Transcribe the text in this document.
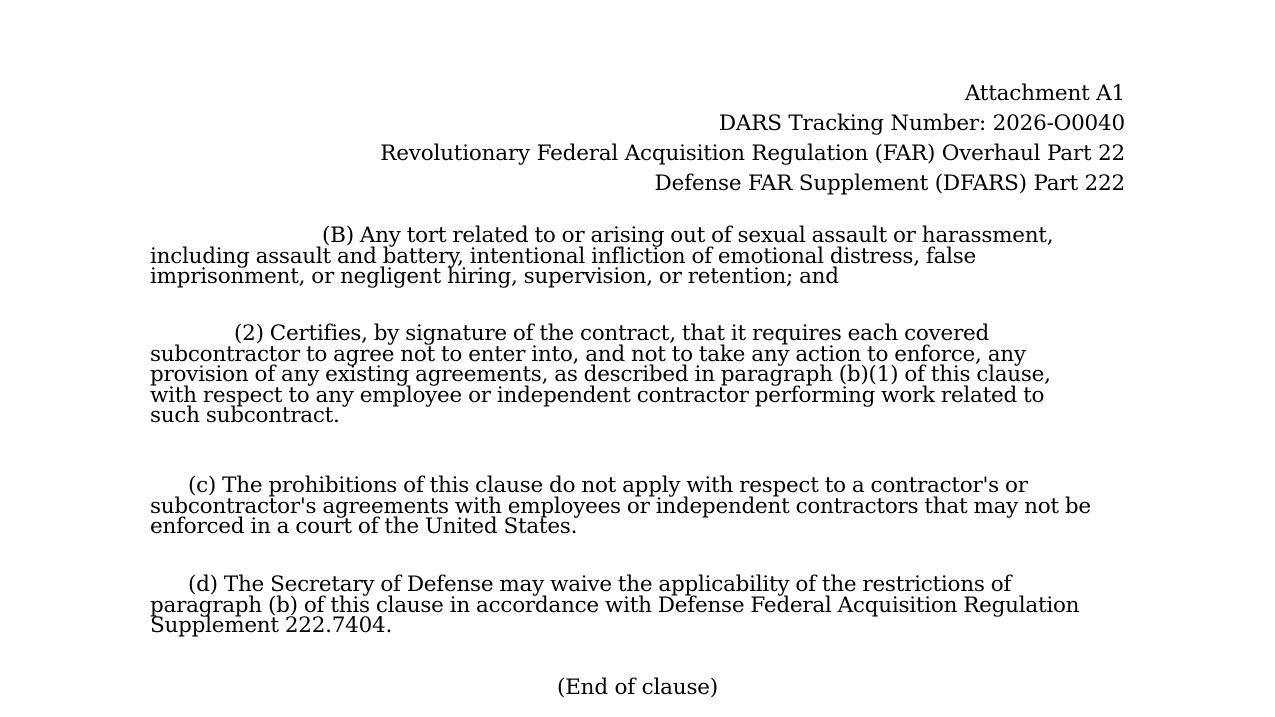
Attachment A1
DARS Tracking Number: 2026-O0040
Revolutionary Federal Acquisition Regulation (FAR) Overhaul Part 22
Defense FAR Supplement (DFARS) Part 222
(B) Any tort related to or arising out of sexual assault or harassment,
including assault and battery, intentional infliction of emotional distress, false
imprisonment, or negligent hiring, supervision, or retention; and
(2) Certifies, by signature of the contract, that it requires each covered
subcontractor to agree not to enter into, and not to take any action to enforce, any
provision of any existing agreements, as described in paragraph (b)(1) of this clause,
with respect to any employee or independent contractor performing work related to
such subcontract.
(c) The prohibitions of this clause do not apply with respect to a contractor's or
subcontractor's agreements with employees or independent contractors that may not be
enforced in a court of the United States.
(d) The Secretary of Defense may waive the applicability of the restrictions of
paragraph (b) of this clause in accordance with Defense Federal Acquisition Regulation
Supplement 222.7404.
(End of clause)
